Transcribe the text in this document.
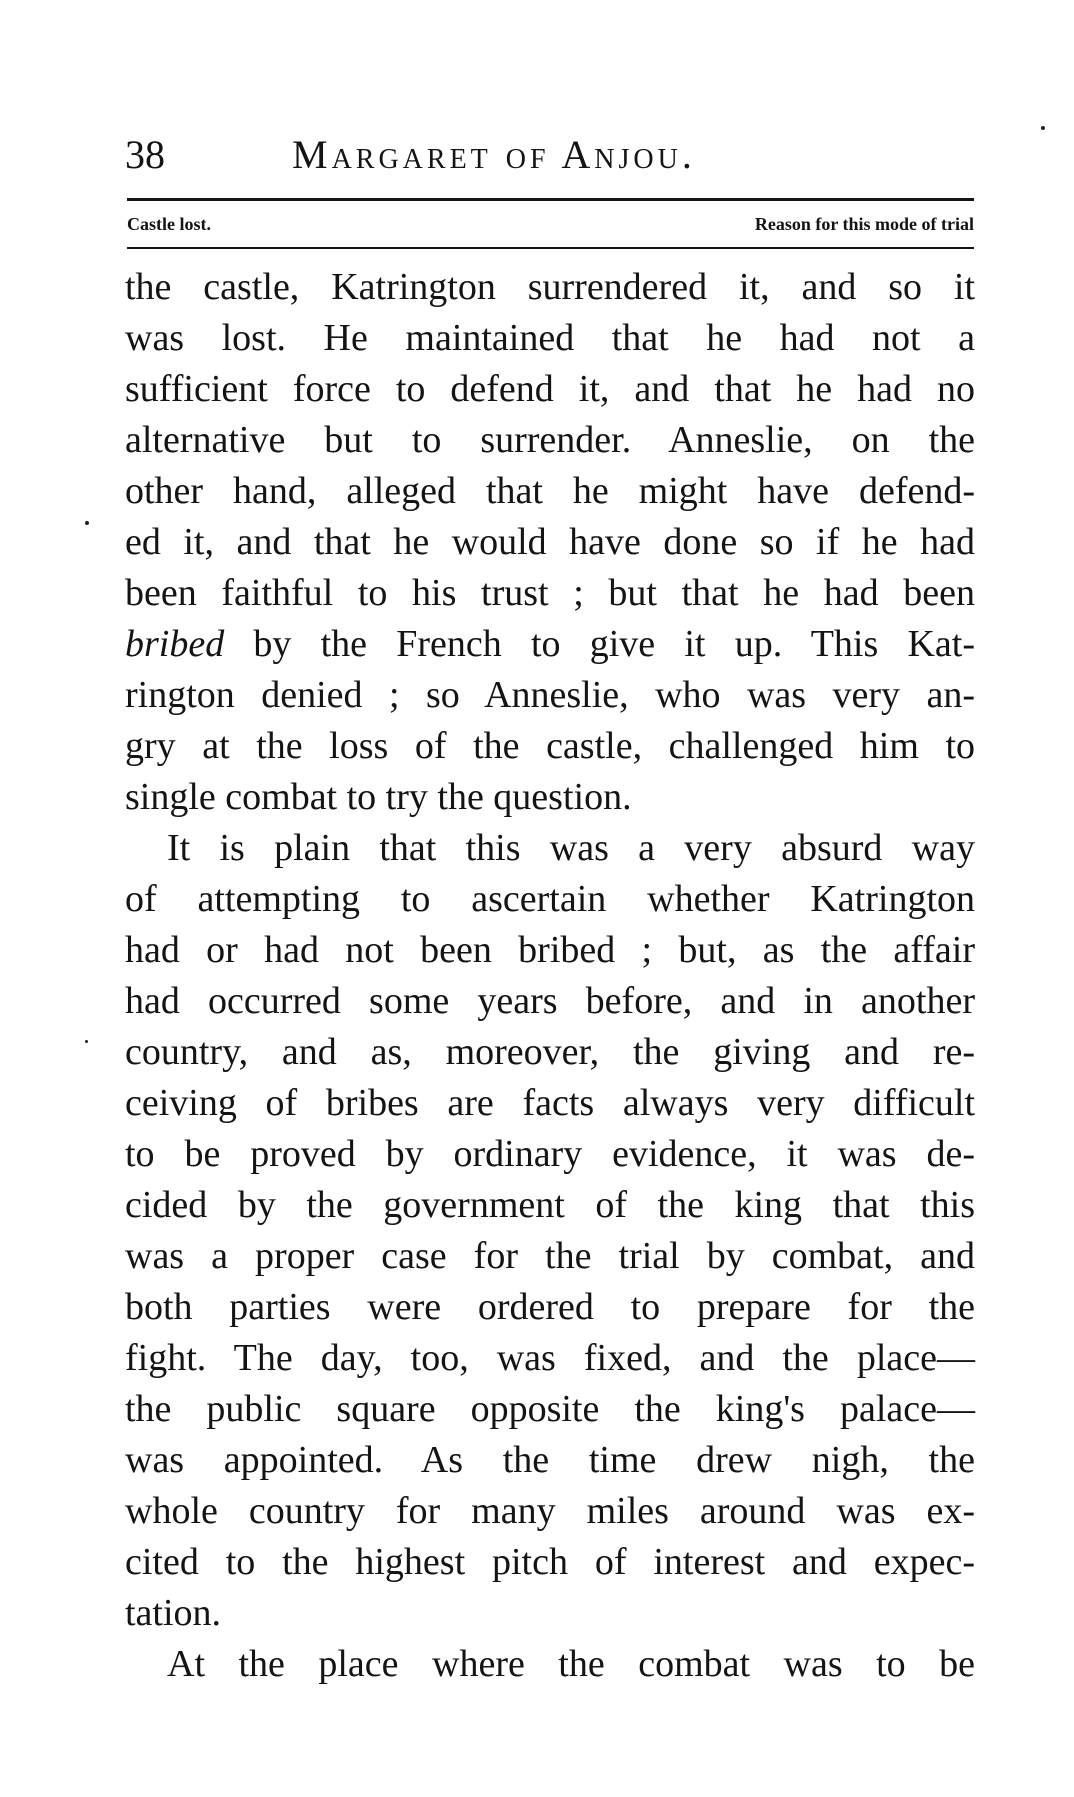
38	Margaret of Anjou.
Castle lost.	Reason for this mode of trial
the castle, Katrington surrendered it, and so it
was lost. He maintained that he had not a
sufficient force to defend it, and that he had no
alternative but to surrender. Anneslie, on the
other hand, alleged that he might have defend-
ed it, and that he would have done so if he had
been faithful to his trust ; but that he had been
bribed by the French to give it up. This Kat-
rington denied ; so Anneslie, who was very an-
gry at the loss of the castle, challenged him to
single combat to try the question.
It is plain that this was a very absurd way
of attempting to ascertain whether Katrington
had or had not been bribed ; but, as the affair
had occurred some years before, and in another
country, and as, moreover, the giving and re-
ceiving of bribes are facts always very difficult
to be proved by ordinary evidence, it was de-
cided by the government of the king that this
was a proper case for the trial by combat, and
both parties were ordered to prepare for the
fight. The day, too, was fixed, and the place—
the public square opposite the king's palace—
was appointed. As the time drew nigh, the
whole country for many miles around was ex-
cited to the highest pitch of interest and expec-
tation.
At the place where the combat was to be
